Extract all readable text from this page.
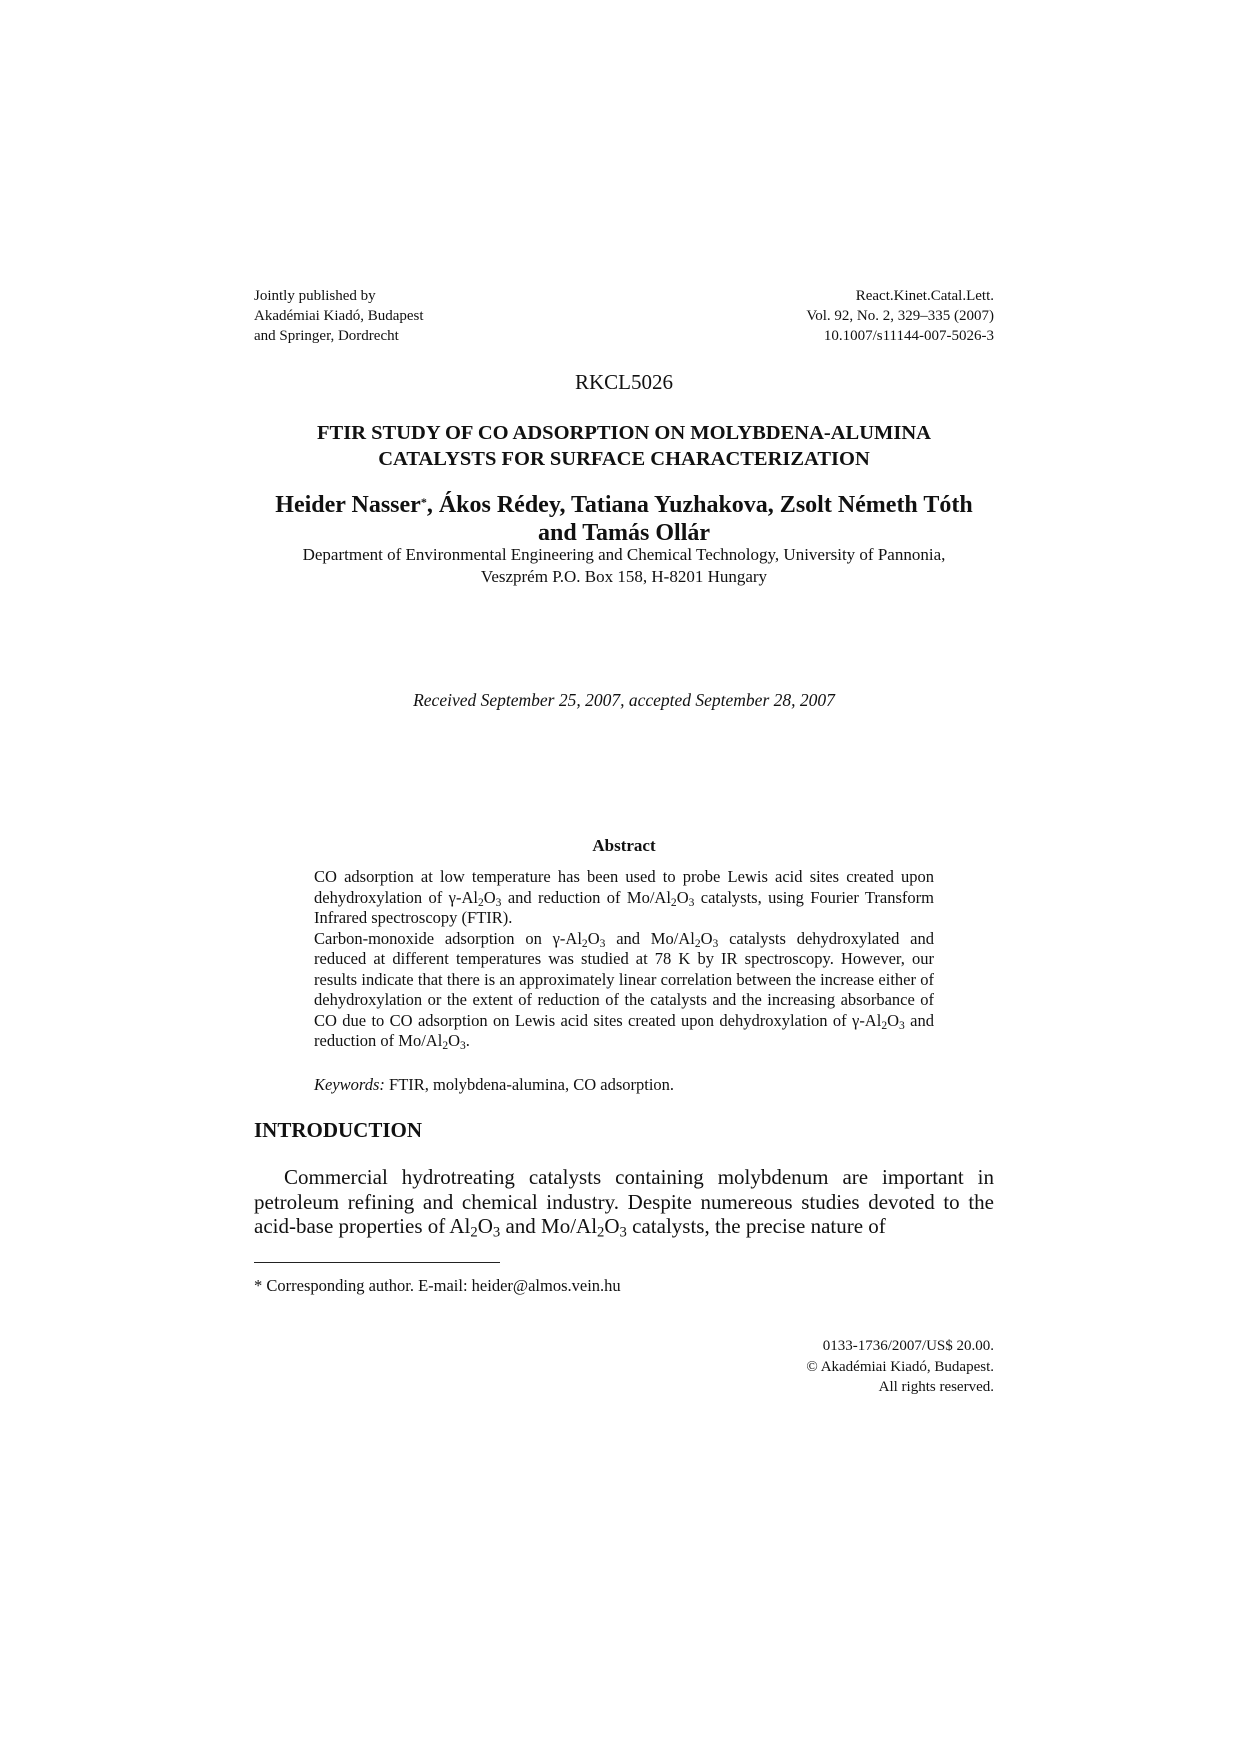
Jointly published by
Akadémiai Kiadó, Budapest
and Springer, Dordrecht
React.Kinet.Catal.Lett.
Vol. 92, No. 2, 329–335 (2007)
10.1007/s11144-007-5026-3
RKCL5026
FTIR STUDY OF CO ADSORPTION ON MOLYBDENA-ALUMINA
CATALYSTS FOR SURFACE CHARACTERIZATION
Heider Nasser*, Ákos Rédey, Tatiana Yuzhakova, Zsolt Németh Tóth
and Tamás Ollár
Department of Environmental Engineering and Chemical Technology, University of Pannonia,
Veszprém P.O. Box 158, H-8201 Hungary
Received September 25, 2007, accepted September 28, 2007
Abstract

CO adsorption at low temperature has been used to probe Lewis acid sites created upon dehydroxylation of $\gamma-Al_2O_3$ and reduction of $Mo/Al_2O_3$ catalysts, using Fourier Transform Infrared spectroscopy (FTIR).

Carbon-monoxide adsorption on $\gamma-Al_2O_3$ and $Mo/Al_2O_3$ catalysts dehydroxylated and reduced at different temperatures was studied at 78 K by IR spectroscopy. However, our results indicate that there is an approximately linear correlation between the increase either of dehydroxylation or the extent of reduction of the catalysts and the increasing absorbance of CO due to CO adsorption on Lewis acid sites created upon dehydroxylation of $\gamma-Al_2O_3$ and reduction of $Mo/Al_2O_3$.

Keywords: FTIR, molybdena-alumina, CO adsorption.
INTRODUCTION

Commercial hydrotreating catalysts containing molybdenum are important in petroleum refining and chemical industry. Despite numereous studies devoted to the acid-base properties of $Al_2O_3$ and $Mo/Al_2O_3$ catalysts, the precise nature of

* Corresponding author. E-mail: heider@almos.vein.hu
0133-1736/2007/US$ 20.00.
© Akadémiai Kiadó, Budapest.
All rights reserved.
